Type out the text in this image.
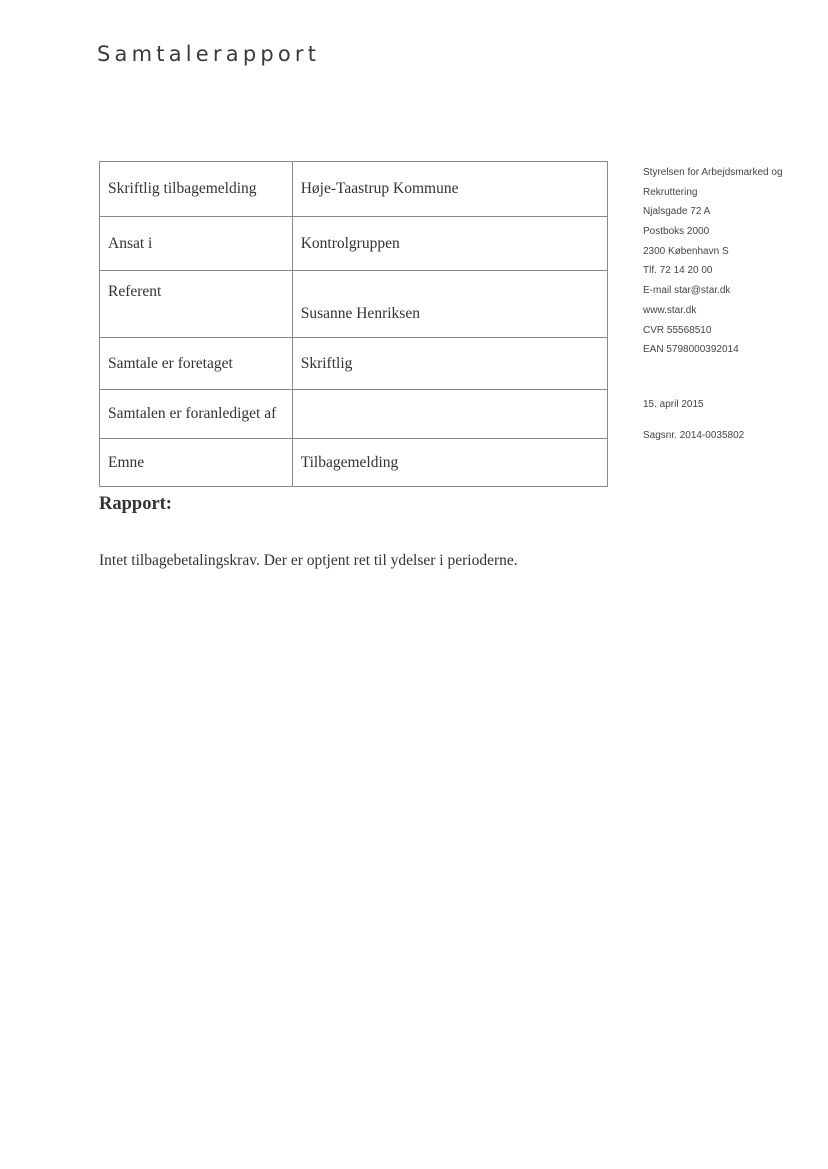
Samtalerapport
Skriftlig tilbagemelding	Høje-Taastrup Kommune
Ansat i	Kontrolgruppen
Referent	Susanne Henriksen
Samtale er foretaget	Skriftlig
Samtalen er foranlediget af	
Emne	Tilbagemelding
Styrelsen for Arbejdsmarked og
Rekruttering
Njalsgade 72 A
Postboks 2000
2300 København S
Tlf. 72 14 20 00
E-mail star@star.dk
www.star.dk
CVR 55568510
EAN 5798000392014
15. april 2015
Sagsnr. 2014-0035802
Rapport:

Intet tilbagebetalingskrav. Der er optjent ret til ydelser i perioderne.
